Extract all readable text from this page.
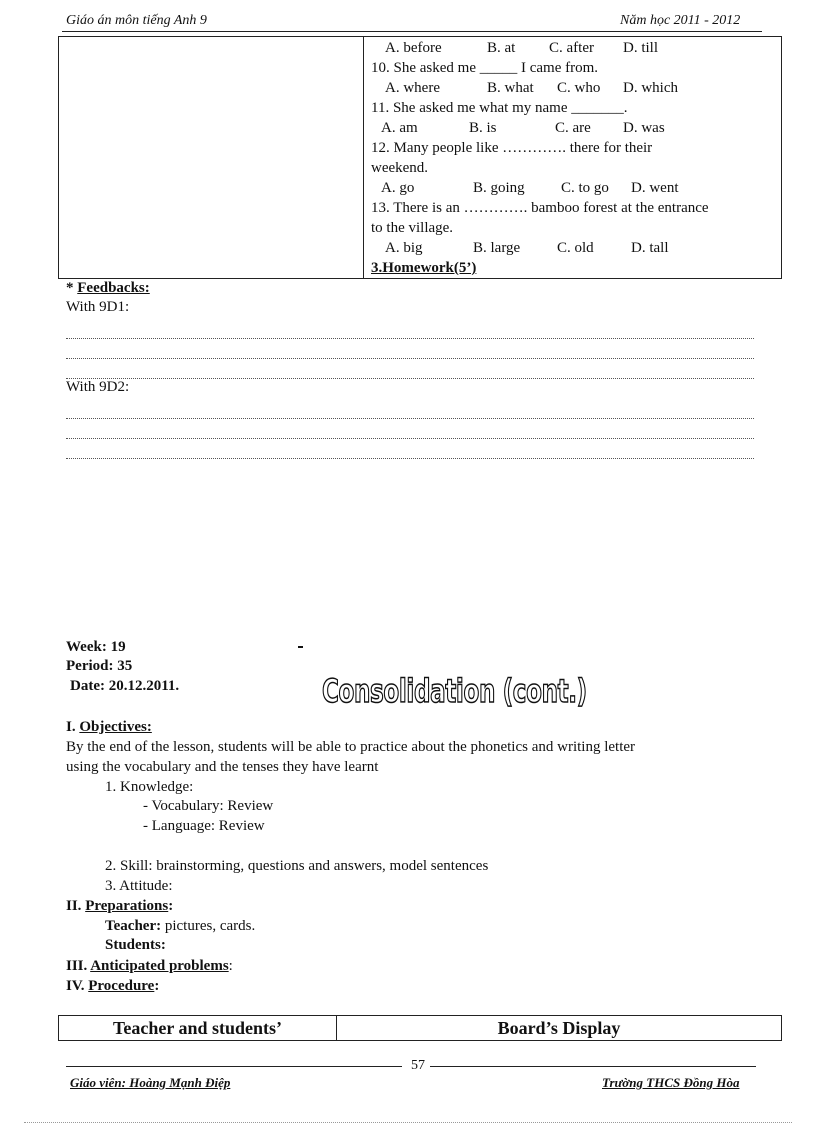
Giáo án môn tiếng Anh 9	Năm học 2011 - 2012

A. before	B. at C. after D. till
10. She asked me _____ I came from.
A. where	B. what C. who D. which
11. She asked me what my name _______.
A. am	B. is	C. are D. was
12. Many people like …………. there for their
weekend.
A. go	B. going C. to go D. went
13. There is an …………. bamboo forest at the entrance
to the village.
A. big	B. large C. old D. tall
3.Homework(5’)
* Feedbacks:
With 9D1:
With 9D2:
Week: 19
Period: 35
Date: 20.12.2011.	Consolidation (cont.)
I. Objectives:
By the end of the lesson, students will be able to practice about the phonetics and writing letter
using the vocabulary and the tenses they have learnt
1. Knowledge:
- Vocabulary: Review
- Language: Review
2. Skill: brainstorming, questions and answers, model sentences
3. Attitude:
II. Preparations:
Teacher: pictures, cards.
Students:
III. Anticipated problems:
IV. Procedure:
Teacher and students’	Board’s Display
57
Giáo viên: Hoàng Mạnh Điệp	Trường THCS Đồng Hòa
